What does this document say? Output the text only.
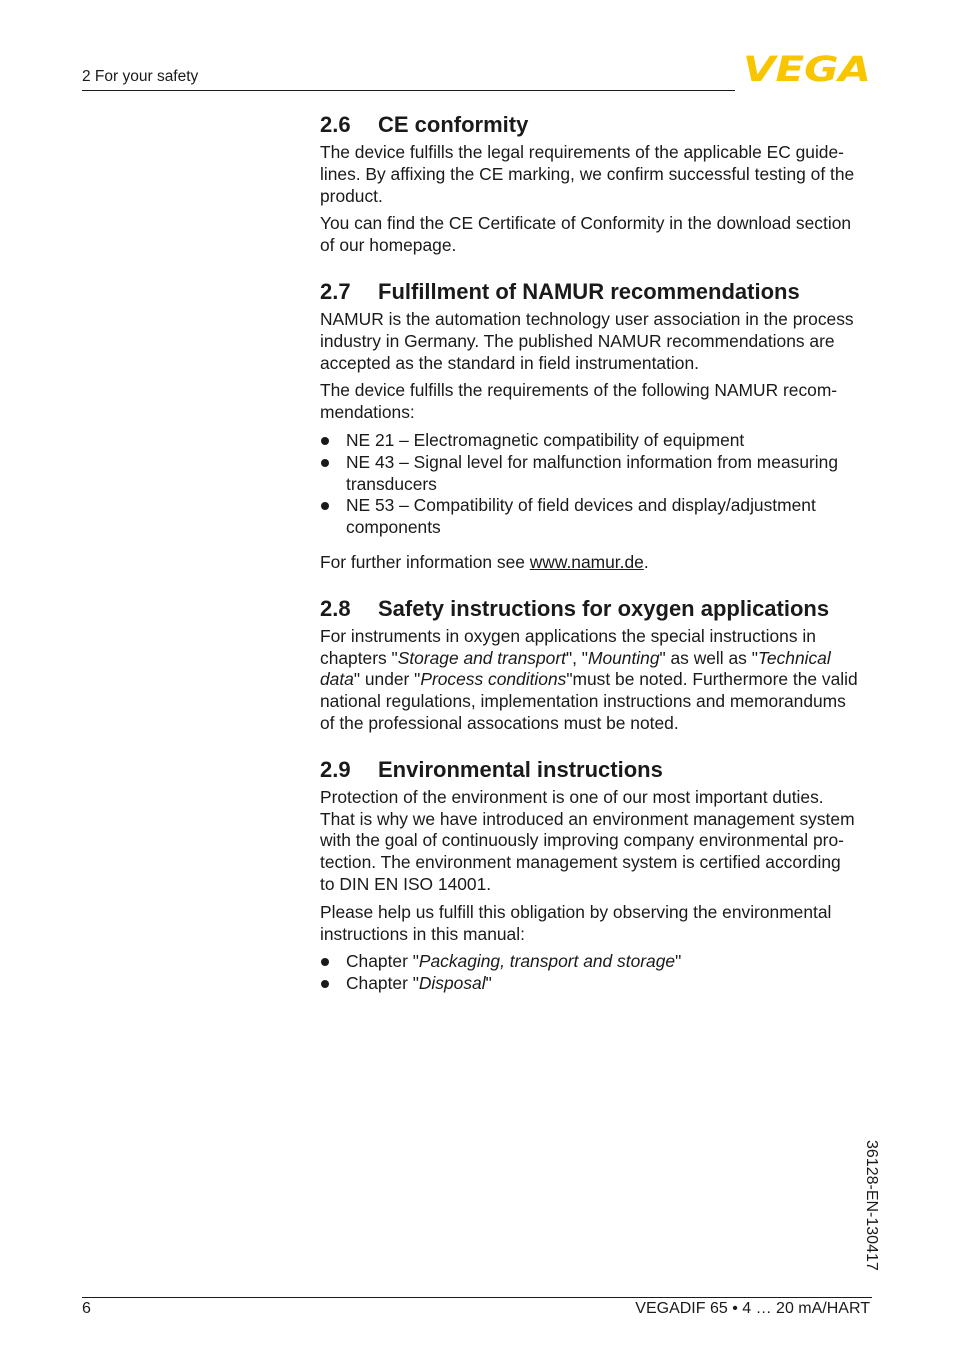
2 For your safety	VEGA
2.6 CE conformity

The device fulfills the legal requirements of the applicable EC guide-
lines. By affixing the CE marking, we confirm successful testing of the
product.

You can find the CE Certificate of Conformity in the download section
of our homepage.

2.7 Fulfillment of NAMUR recommendations

NAMUR is the automation technology user association in the process
industry in Germany. The published NAMUR recommendations are
accepted as the standard in field instrumentation.

The device fulfills the requirements of the following NAMUR recom-
mendations:

NE 21 – Electromagnetic compatibility of equipment
NE 43 – Signal level for malfunction information from measuring
transducers
NE 53 – Compatibility of field devices and display/adjustment
components

For further information see www.namur.de.

2.8 Safety instructions for oxygen applications

For instruments in oxygen applications the special instructions in
chapters "Storage and transport", "Mounting" as well as "Technical
data" under "Process conditions"must be noted. Furthermore the valid
national regulations, implementation instructions and memorandums
of the professional assocations must be noted.

2.9 Environmental instructions

Protection of the environment is one of our most important duties.
That is why we have introduced an environment management system
with the goal of continuously improving company environmental pro-
tection. The environment management system is certified according
to DIN EN ISO 14001.

Please help us fulfill this obligation by observing the environmental
instructions in this manual:

Chapter "Packaging, transport and storage"
Chapter "Disposal"
36128-EN-130417
6	VEGADIF 65 • 4 … 20 mA/HART
